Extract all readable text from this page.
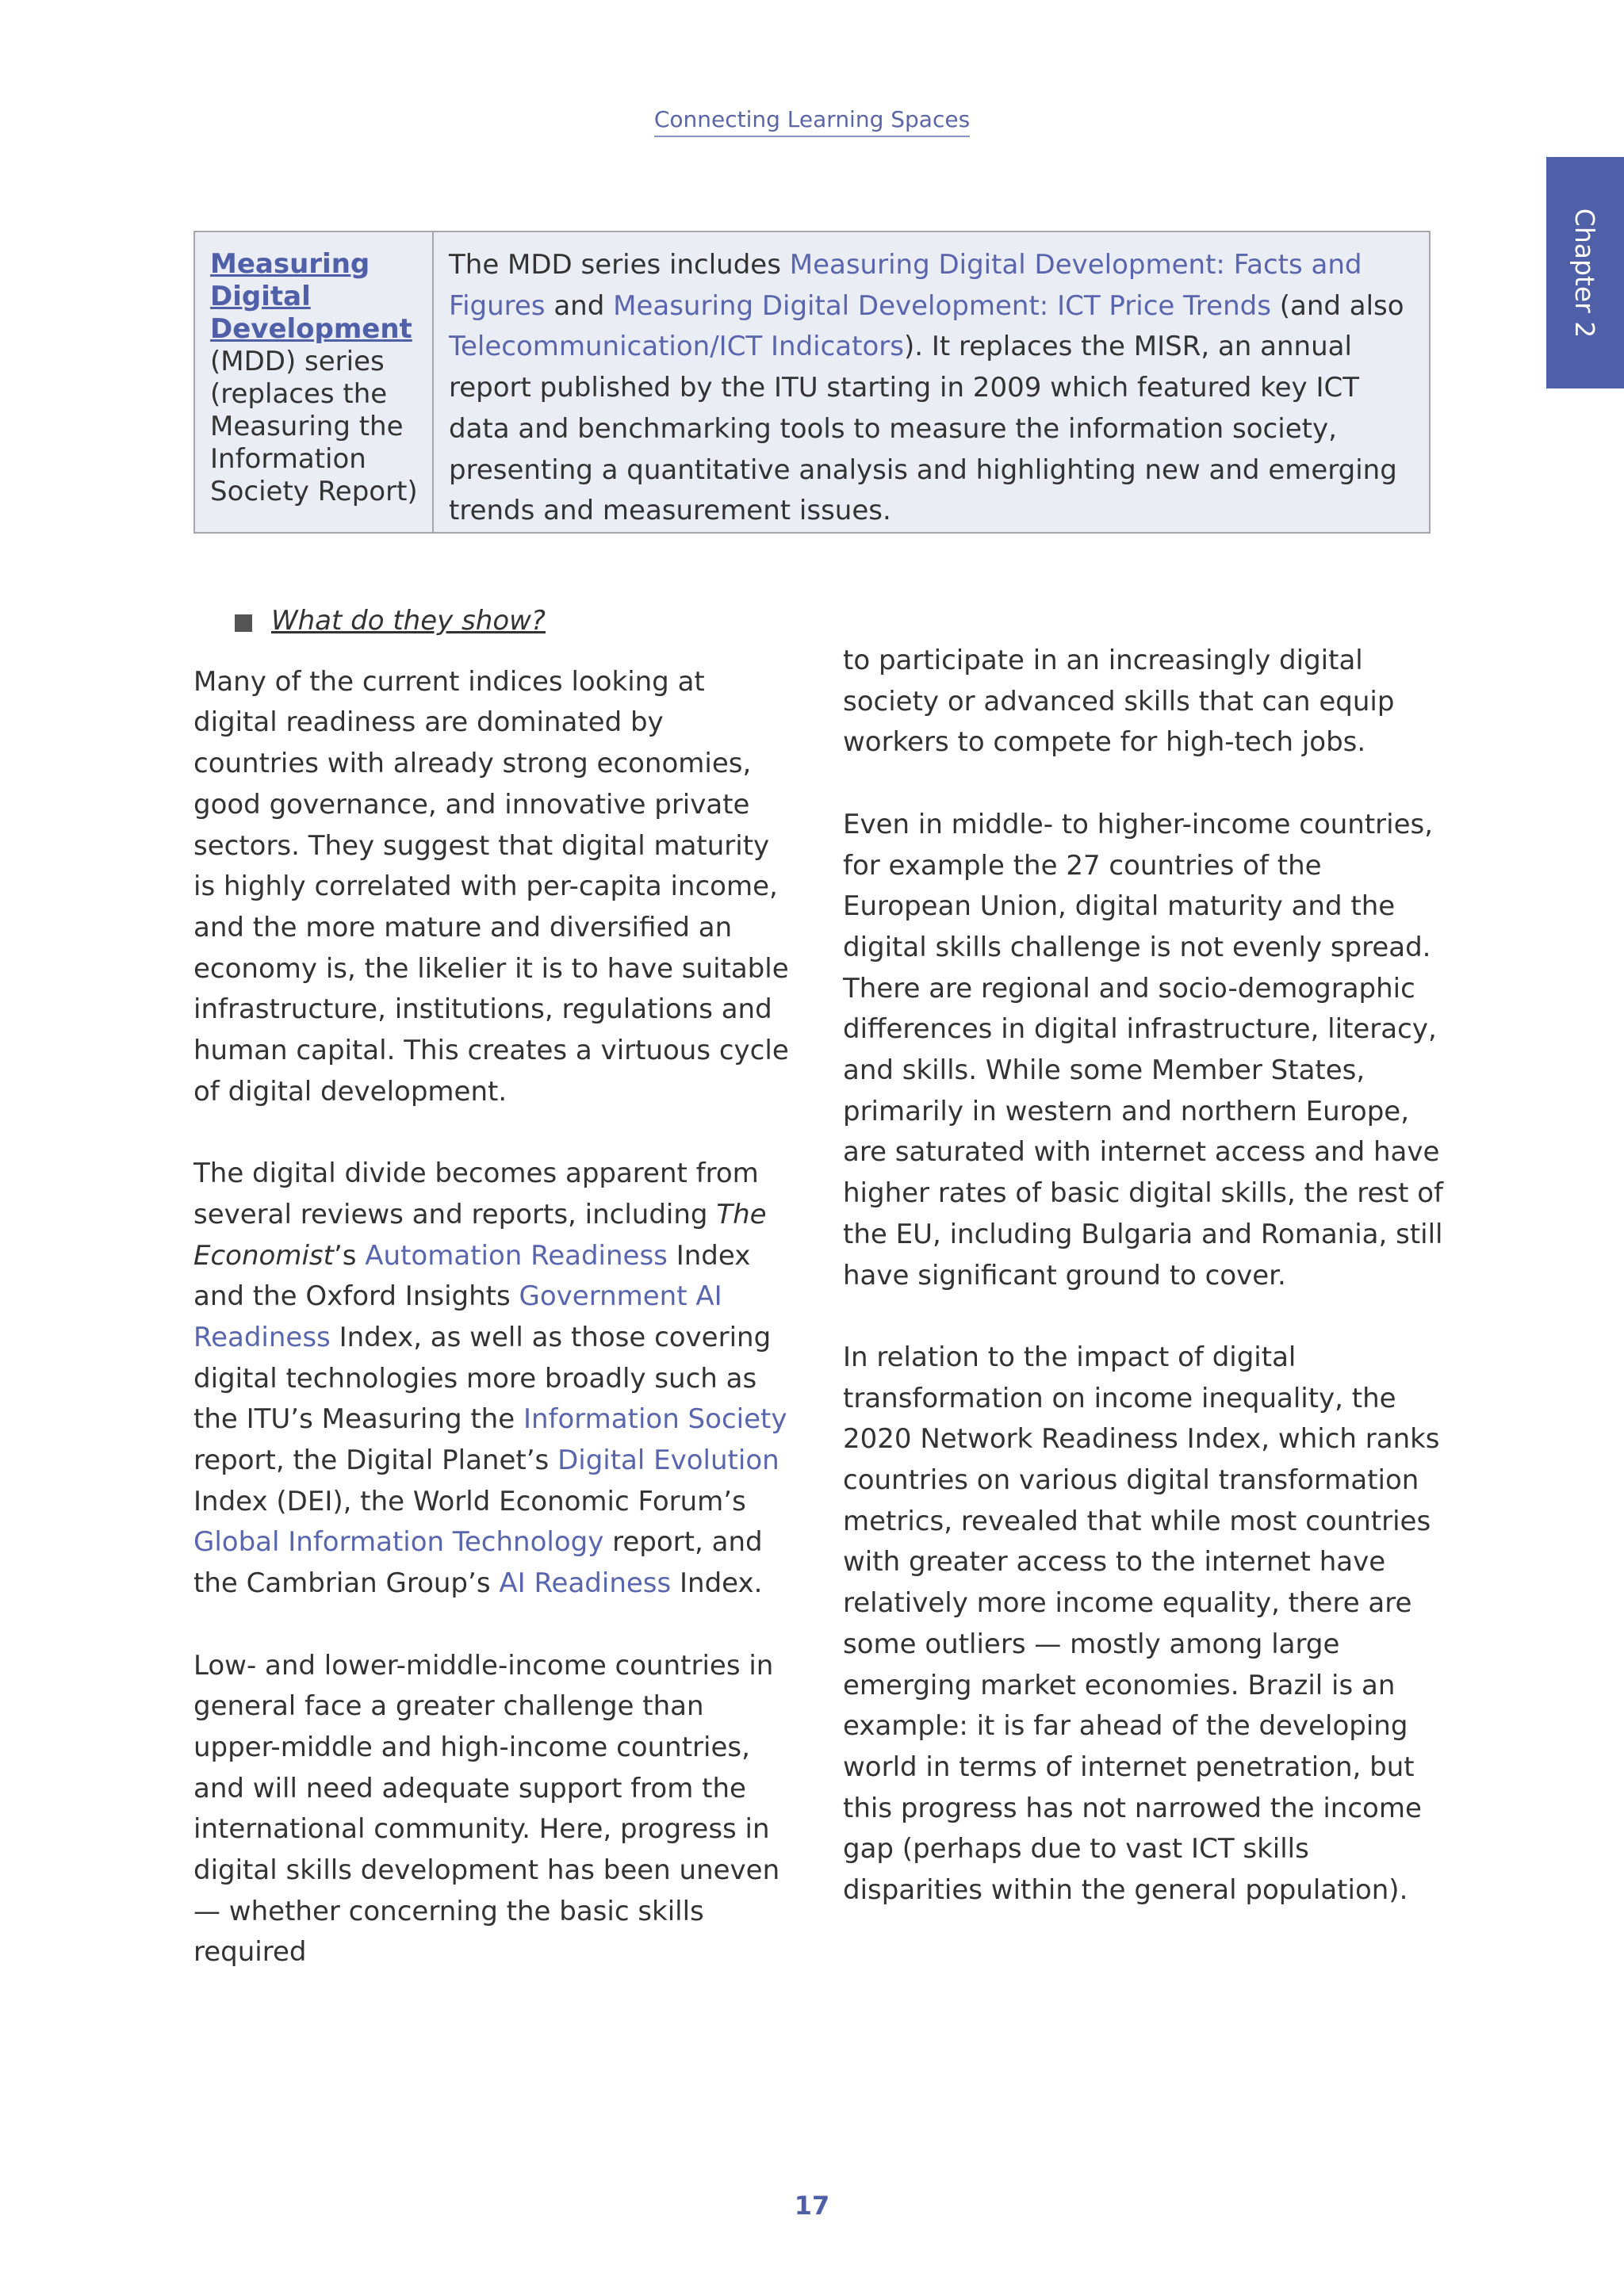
Connecting Learning Spaces
Chapter 2
Measuring Digital Development
(MDD) series (replaces the Measuring the Information Society Report)
The MDD series includes Measuring Digital Development: Facts and Figures and Measuring Digital Development: ICT Price Trends (and also Telecommunication/ICT Indicators). It replaces the MISR, an annual report published by the ITU starting in 2009 which featured key ICT data and benchmarking tools to measure the information society, presenting a quantitative analysis and highlighting new and emerging trends and measurement issues.
What do they show?

Many of the current indices looking at digital readiness are dominated by countries with already strong economies, good governance, and innovative private sectors. They suggest that digital maturity is highly correlated with per-capita income, and the more mature and diversified an economy is, the likelier it is to have suitable infrastructure, institutions, regulations and human capital. This creates a virtuous cycle of digital development.

The digital divide becomes apparent from several reviews and reports, including The Economist’s Automation Readiness Index and the Oxford Insights Government AI Readiness Index, as well as those covering digital technologies more broadly such as the ITU’s Measuring the Information Society report, the Digital Planet’s Digital Evolution Index (DEI), the World Economic Forum’s Global Information Technology report, and the Cambrian Group’s AI Readiness Index.

Low- and lower-middle-income countries in general face a greater challenge than upper-middle and high-income countries, and will need adequate support from the international community. Here, progress in digital skills development has been uneven — whether concerning the basic skills required

to participate in an increasingly digital society or advanced skills that can equip workers to compete for high-tech jobs.

Even in middle- to higher-income countries, for example the 27 countries of the European Union, digital maturity and the digital skills challenge is not evenly spread. There are regional and socio-demographic differences in digital infrastructure, literacy, and skills. While some Member States, primarily in western and northern Europe, are saturated with internet access and have higher rates of basic digital skills, the rest of the EU, including Bulgaria and Romania, still have significant ground to cover.

In relation to the impact of digital transformation on income inequality, the 2020 Network Readiness Index, which ranks countries on various digital transformation metrics, revealed that while most countries with greater access to the internet have relatively more income equality, there are some outliers — mostly among large emerging market economies. Brazil is an example: it is far ahead of the developing world in terms of internet penetration, but this progress has not narrowed the income gap (perhaps due to vast ICT skills disparities within the general population).

17
